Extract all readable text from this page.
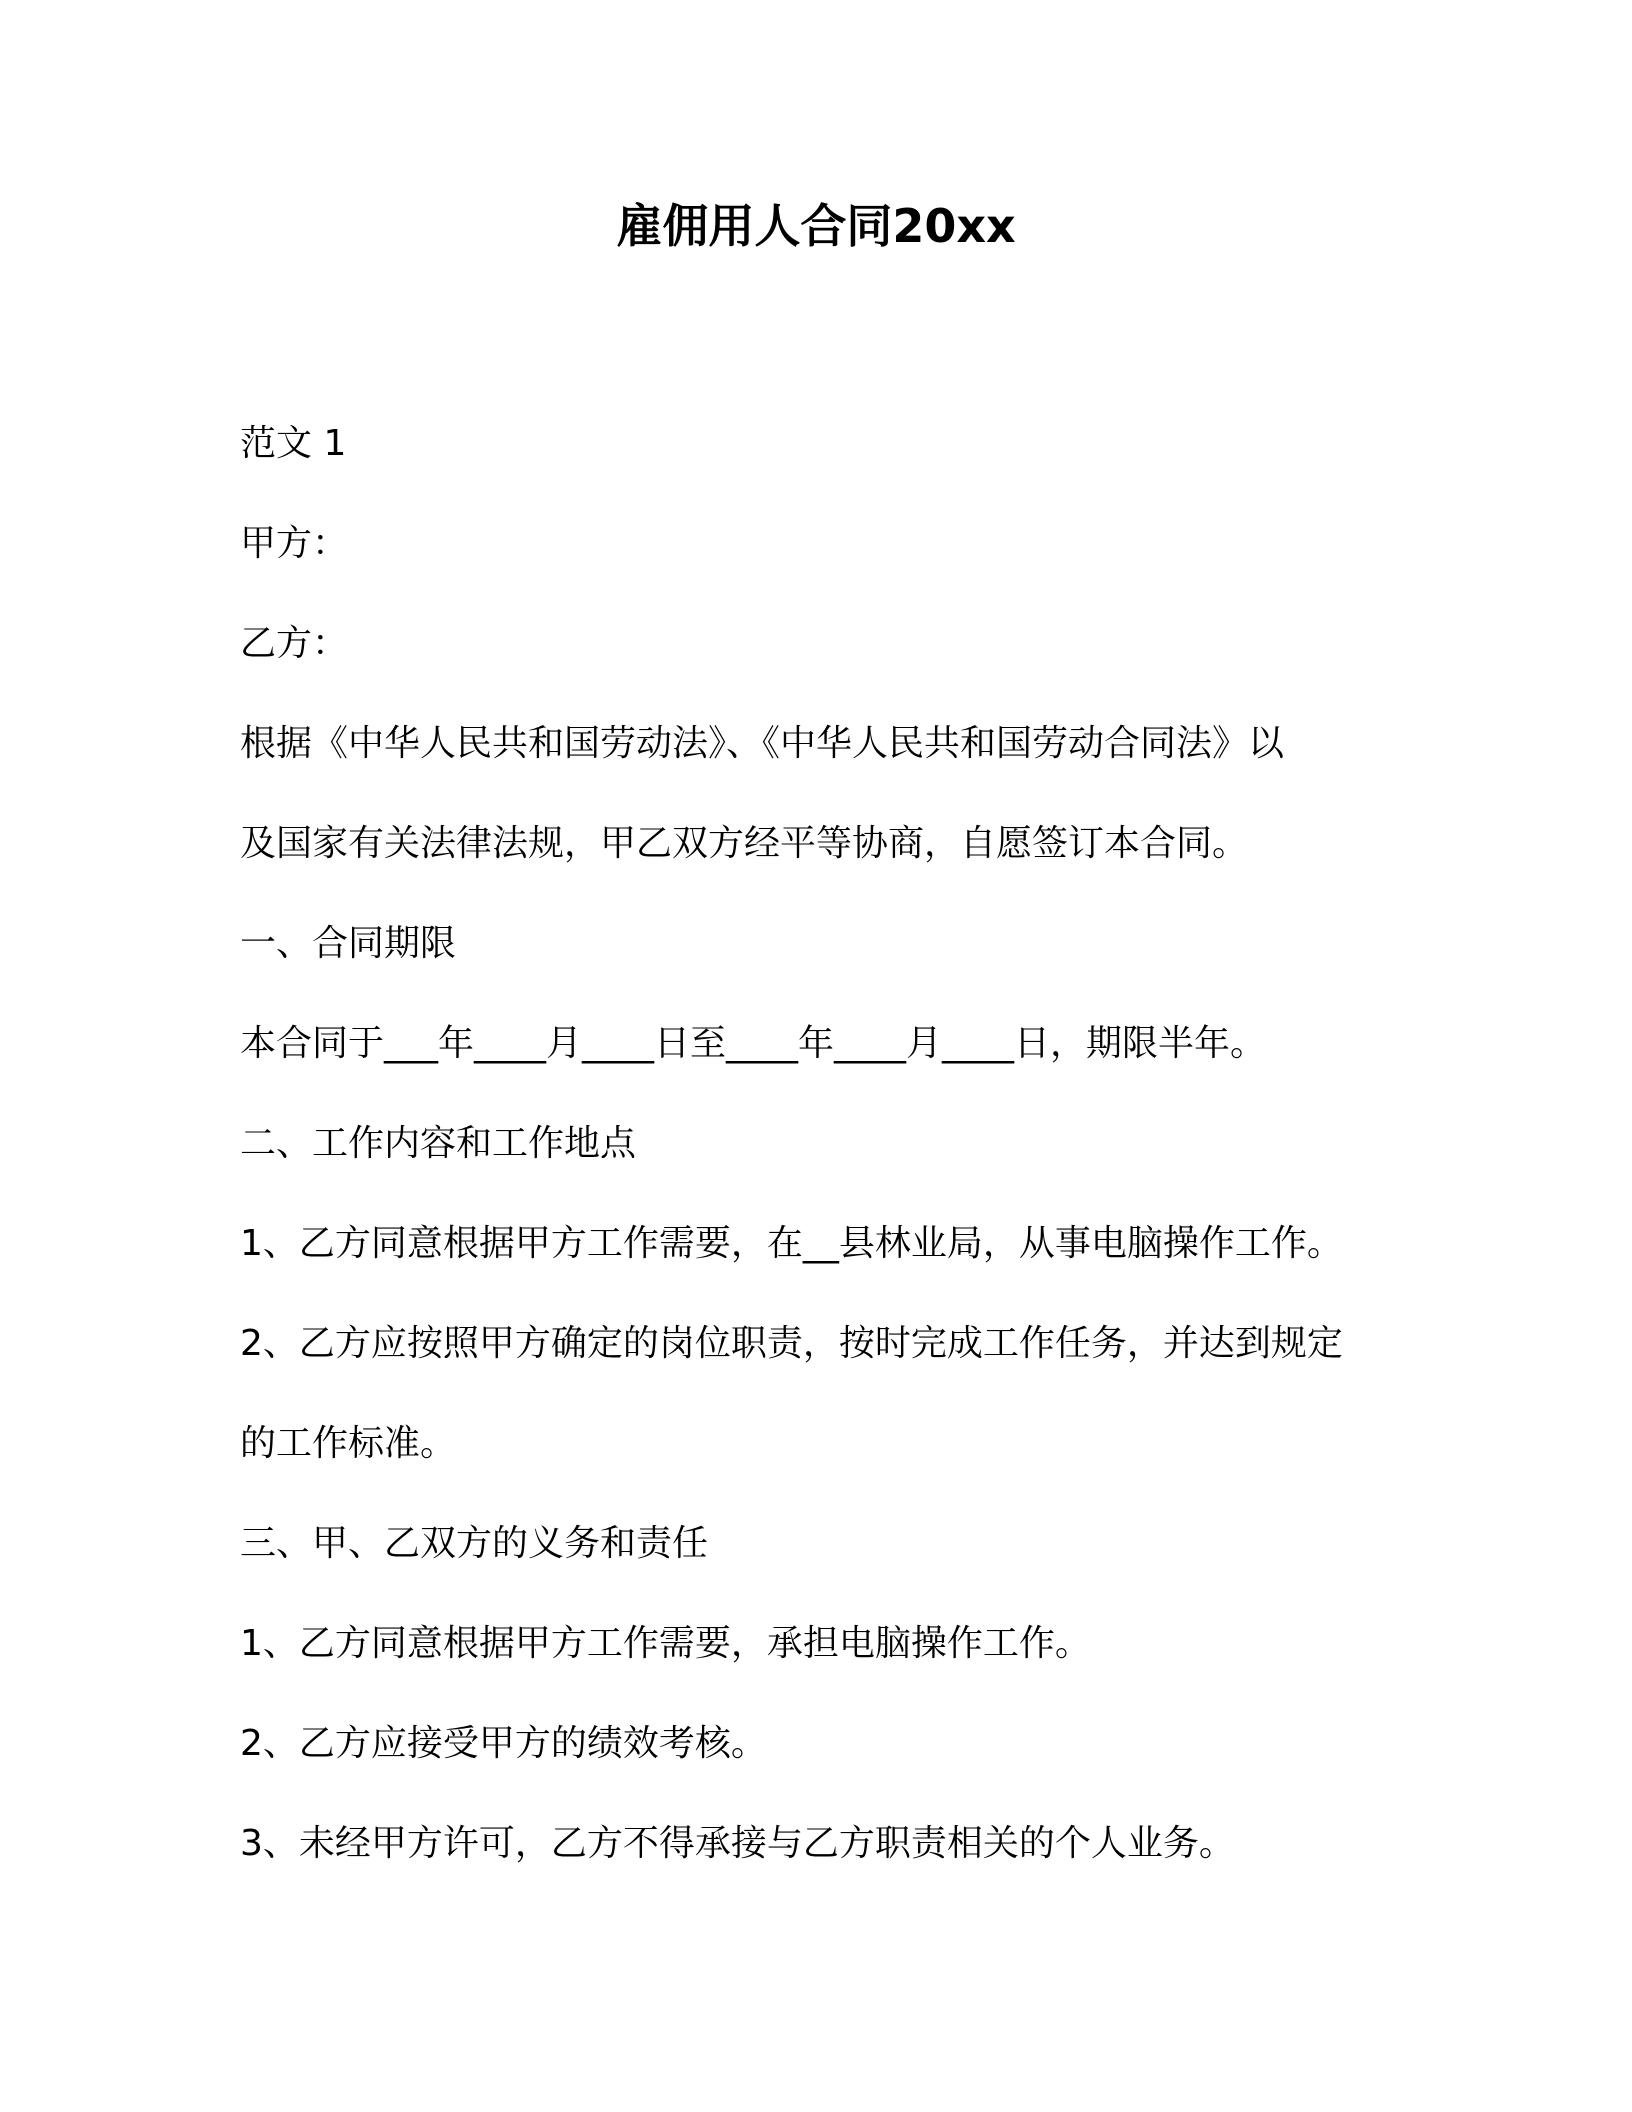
雇佣用人合同20xx
范文 1
甲方：
乙方：
根据《中华人民共和国劳动法》、《中华人民共和国劳动合同法》以
及国家有关法律法规，甲乙双方经平等协商，自愿签订本合同。
一、合同期限
本合同于___年____月____日至____年____月____日，期限半年。
二、工作内容和工作地点
1、乙方同意根据甲方工作需要，在__县林业局，从事电脑操作工作。
2、乙方应按照甲方确定的岗位职责，按时完成工作任务，并达到规定
的工作标准。
三、甲、乙双方的义务和责任
1、乙方同意根据甲方工作需要，承担电脑操作工作。
2、乙方应接受甲方的绩效考核。
3、未经甲方许可，乙方不得承接与乙方职责相关的个人业务。
